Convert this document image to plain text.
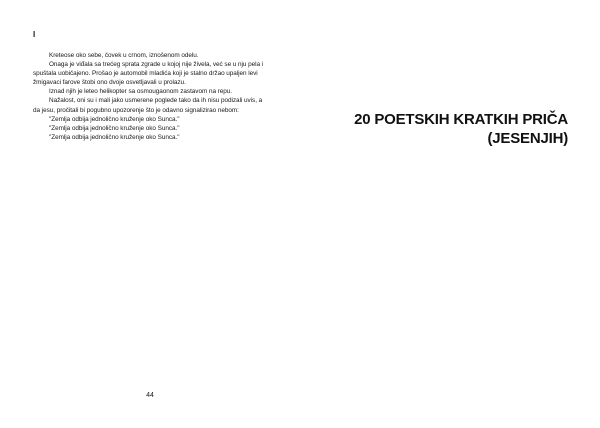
I

Kreteose oko sebe, čovek u crnom, iznošenom odelu.

Onaga je viđala sa trećeg sprata zgrade u kojoj nije živela, već se u nju pela i spuštala uobičajeno. Prošao je automobil mladića koji je stalno držao upaljen levi žmigavaci farove štobi ono dvoje osvetljavali u prolazu.

Iznad njih je leteo helikopter sa osmougaonom zastavom na repu.

Nažalost, oni su i mali jako usmerene poglede tako da ih nisu podizali uvis, a da jesu, pročitali bi pogubno upozorenje što je odavno signalizirao nebom:

"Zemlja odbija jednolično kruženje oko Sunca."

"Zemlja odbija jednolično kruženje oko Sunca."

"Zemlja odbija jednolično kruženje oko Sunca."

44
20 POETSKIH KRATKIH PRIČA
(JESENJIH)
